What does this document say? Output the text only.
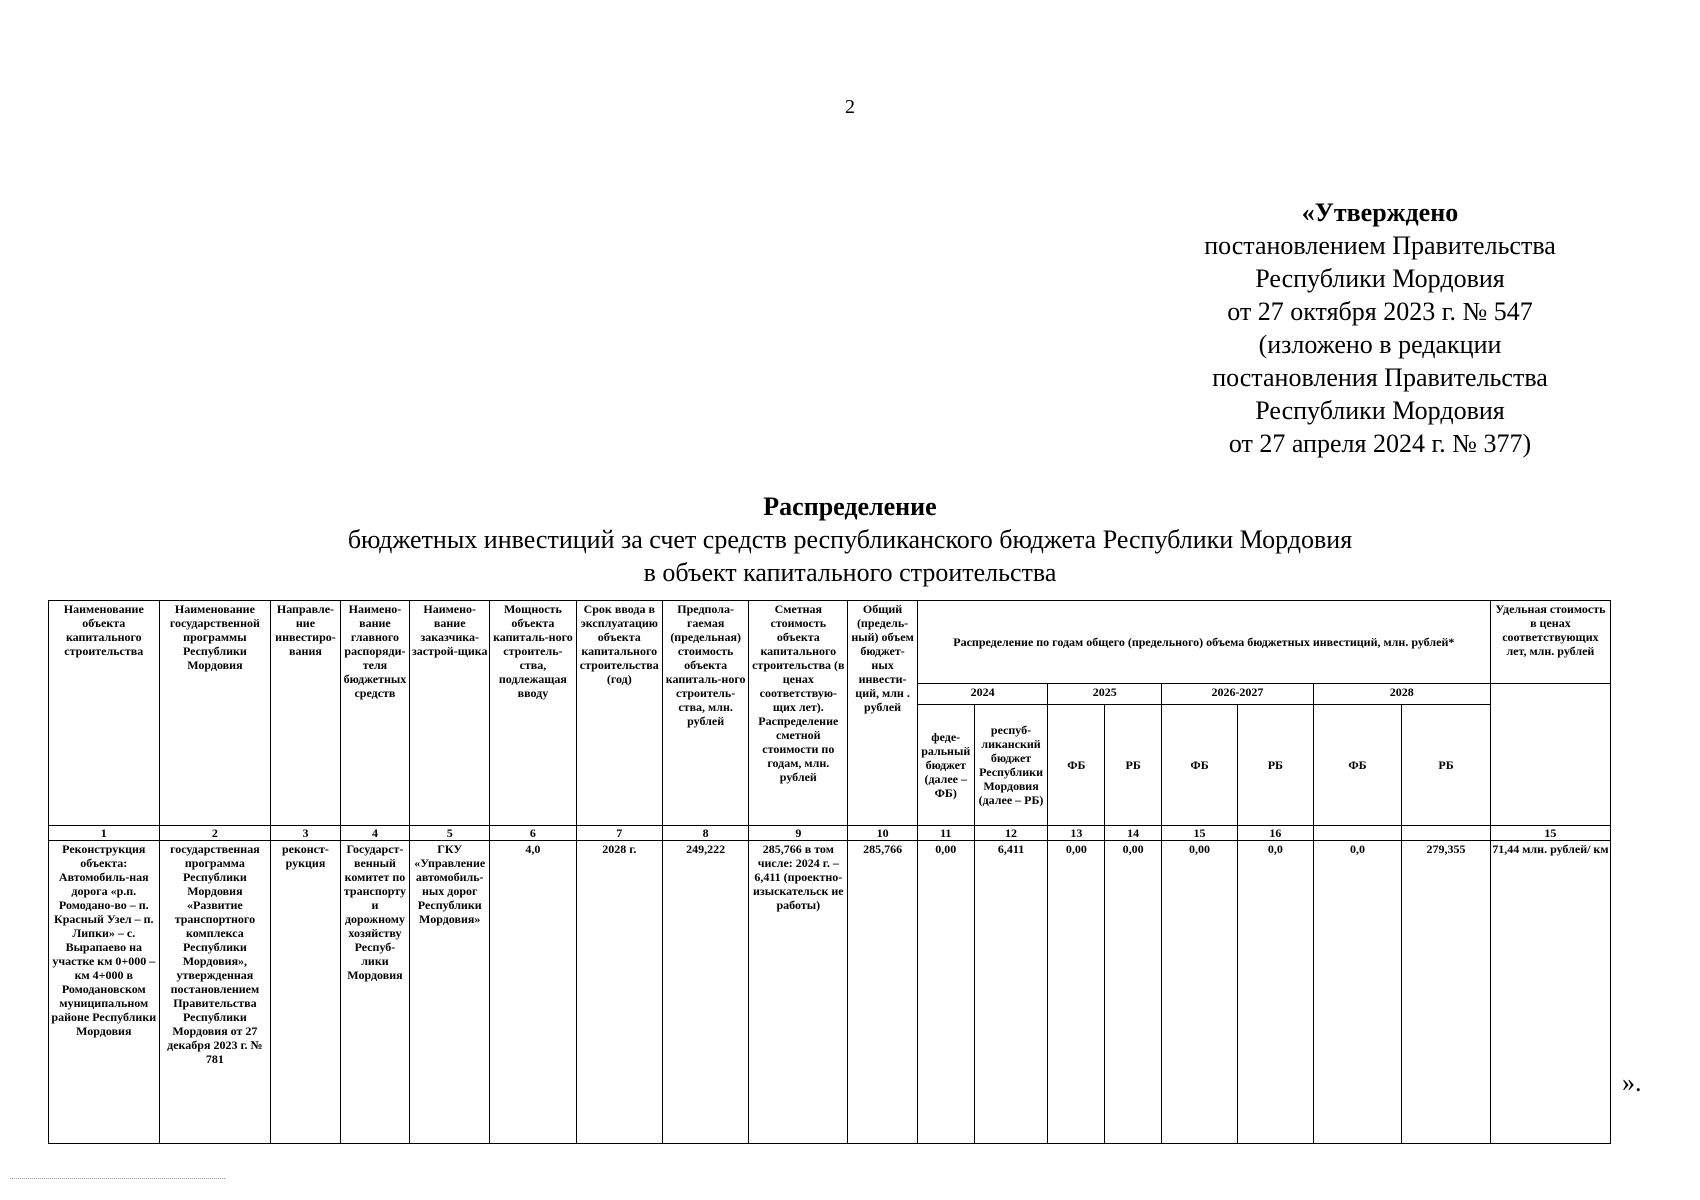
2
«Утверждено
постановлением Правительства
Республики Мордовия
от 27 октября 2023 г. № 547
(изложено в редакции
постановления Правительства
Республики Мордовия
от 27 апреля 2024 г. № 377)
Распределение
бюджетных инвестиций за счет средств республиканского бюджета Республики Мордовия
в объект капитального строительства
Наименование объекта капитального строительства	Наименование государственной программы Республики Мордовия	Направле-ние инвестиро-вания	Наимено-вание главного распоряди-теля бюджетных средств	Наимено-вание заказчика-застрой-щика	Мощность объекта капиталь-ного строитель-ства, подлежащая вводу	Срок ввода в эксплуатацию объекта капитального строительства (год)	Предпола-гаемая (предельная) стоимость объекта капиталь-ного строитель-ства, млн. рублей	Сметная стоимость объекта капитального строительства (в ценах соответствую-щих лет). Распределение сметной стоимости по годам, млн. рублей	Общий (предель-ный) объем бюджет-ных инвести-ций, млн . рублей	Распределение по годам общего (предельного) объема бюджетных инвестиций, млн. рублей*								Удельная стоимость в ценах соответствующих лет, млн. рублей
										2024		2025		2026-2027		2028		
										феде-ральный бюджет (далее – ФБ)	респуб-ликанский бюджет Республики Мордовия (далее – РБ)	ФБ	РБ	ФБ	РБ	ФБ	РБ	
1	2	3	4	5	6	7	8	9	10	11	12	13	14	15	16			15
Реконструкция объекта: Автомобиль-ная дорога «р.п. Ромодано-во – п. Красный Узел – п. Липки» – с. Вырапаево на участке км 0+000 – км 4+000 в Ромодановском муниципальном районе Республики Мордовия	государственная программа Республики Мордовия «Развитие транспортного комплекса Республики Мордовия», утвержденная постановлением Правительства Республики Мордовия от 27 декабря 2023 г. № 781	реконст-рукция	Государст-венный комитет по транспорту и дорожному хозяйству Респуб-лики Мордовия	ГКУ «Управление автомобиль-ных дорог Республики Мордовия»	4,0	2028 г.	249,222	285,766 в том числе: 2024 г. – 6,411 (проектно-изыскательск ие работы)	285,766	0,00	6,411	0,00	0,00	0,00	0,0	0,0	279,355	71,44 млн. рублей/ км
».
